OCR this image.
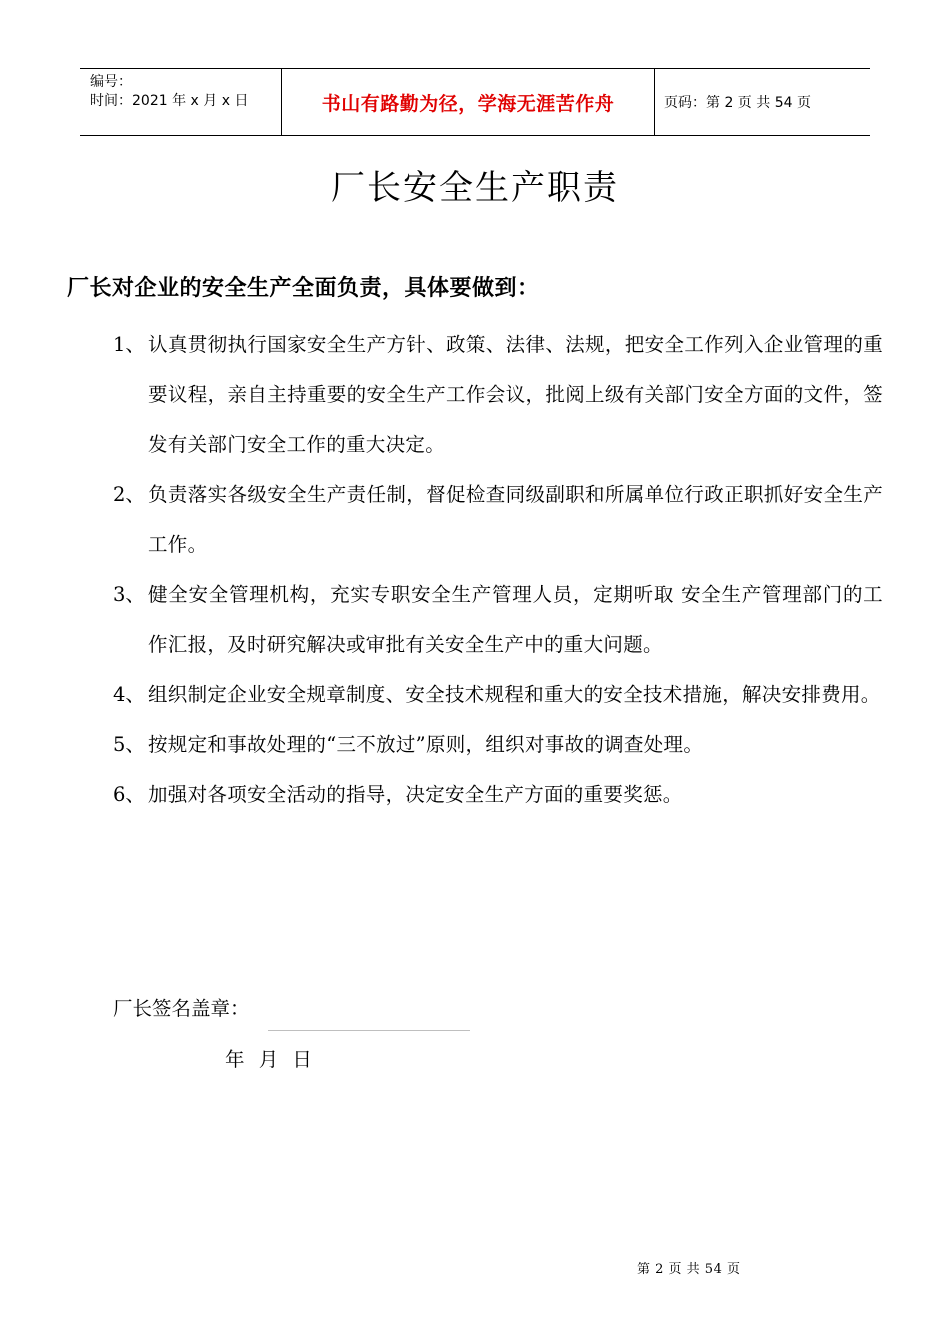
编号：
时间：2021 年 x 月 x 日	书山有路勤为径，学海无涯苦作舟	页码：第 2 页 共 54 页
厂长安全生产职责
厂长对企业的安全生产全面负责，具体要做到：
1、 认真贯彻执行国家安全生产方针、政策、法律、法规，把安全工作列入企业管理的重要议程，亲自主持重要的安全生产工作会议，批阅上级有关部门安全方面的文件，签发有关部门安全工作的重大决定。
2、 负责落实各级安全生产责任制，督促检查同级副职和所属单位行政正职抓好安全生产工作。
3、 健全安全管理机构，充实专职安全生产管理人员，定期听取 安全生产管理部门的工作汇报，及时研究解决或审批有关安全生产中的重大问题。
4、 组织制定企业安全规章制度、安全技术规程和重大的安全技术措施，解决安排费用。
5、 按规定和事故处理的“三不放过”原则，组织对事故的调查处理。
6、 加强对各项安全活动的指导，决定安全生产方面的重要奖惩。
厂长签名盖章：
年 月 日
第 2 页 共 54 页
